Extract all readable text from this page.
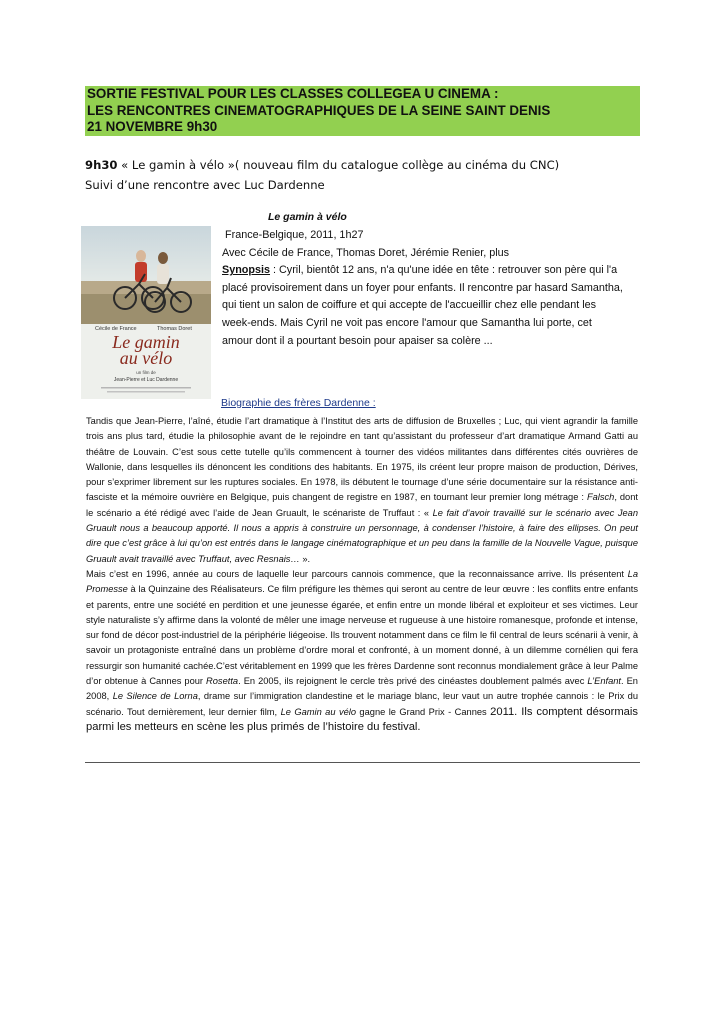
SORTIE FESTIVAL POUR LES CLASSES COLLEGEA U CINEMA :
LES RENCONTRES CINEMATOGRAPHIQUES DE LA SEINE SAINT DENIS
21 NOVEMBRE 9h30
9h30 « Le gamin à vélo »( nouveau film du catalogue collège au cinéma du CNC)
Suivi d’une rencontre avec Luc Dardenne
Cécile de France	Thomas Doret
Le gamin
au vélo
un film de
Jean-Pierre et Luc Dardenne
Le gamin à vélo
France-Belgique, 2011, 1h27
Avec Cécile de France, Thomas Doret, Jérémie Renier, plus
Synopsis : Cyril, bientôt 12 ans, n'a qu'une idée en tête : retrouver son père qui l'a
placé provisoirement dans un foyer pour enfants. Il rencontre par hasard Samantha,
qui tient un salon de coiffure et qui accepte de l'accueillir chez elle pendant les
week-ends. Mais Cyril ne voit pas encore l'amour que Samantha lui porte, cet
amour dont il a pourtant besoin pour apaiser sa colère ...
Biographie des frères Dardenne :

Tandis que Jean-Pierre, l’aîné, étudie l’art dramatique à l’Institut des arts de diffusion de Bruxelles ; Luc, qui vient agrandir la famille trois ans plus tard, étudie la philosophie avant de le rejoindre en tant qu’assistant du professeur d’art dramatique Armand Gatti au théâtre de Louvain. C’est sous cette tutelle qu’ils commencent à tourner des vidéos militantes dans différentes cités ouvrières de Wallonie, dans lesquelles ils dénoncent les conditions des habitants. En 1975, ils créent leur propre maison de production, Dérives, pour s’exprimer librement sur les ruptures sociales. En 1978, ils débutent le tournage d’une série documentaire sur la résistance anti-fasciste et la mémoire ouvrière en Belgique, puis changent de registre en 1987, en tournant leur premier long métrage : Falsch, dont le scénario a été rédigé avec l’aide de Jean Gruault, le scénariste de Truffaut : « Le fait d’avoir travaillé sur le scénario avec Jean Gruault nous a beaucoup apporté. Il nous a appris à construire un personnage, à condenser l’histoire, à faire des ellipses. On peut dire que c’est grâce à lui qu’on est entrés dans le langage cinématographique et un peu dans la famille de la Nouvelle Vague, puisque Gruault avait travaillé avec Truffaut, avec Resnais… ».

Mais c’est en 1996, année au cours de laquelle leur parcours cannois commence, que la reconnaissance arrive. Ils présentent La Promesse à la Quinzaine des Réalisateurs. Ce film préfigure les thèmes qui seront au centre de leur œuvre : les conflits entre enfants et parents, entre une société en perdition et une jeunesse égarée, et enfin entre un monde libéral et exploiteur et ses victimes. Leur style naturaliste s’y affirme dans la volonté de mêler une image nerveuse et rugueuse à une histoire romanesque, profonde et intense, sur fond de décor post-industriel de la périphérie liégeoise. Ils trouvent notamment dans ce film le fil central de leurs scénarii à venir, à savoir un protagoniste entraîné dans un problème d’ordre moral et confronté, à un moment donné, à un dilemme cornélien qui fera ressurgir son humanité cachée.C’est véritablement en 1999 que les frères Dardenne sont reconnus mondialement grâce à leur Palme d’or obtenue à Cannes pour Rosetta. En 2005, ils rejoignent le cercle très privé des cinéastes doublement palmés avec L’Enfant. En 2008, Le Silence de Lorna, drame sur l’immigration clandestine et le mariage blanc, leur vaut un autre trophée cannois : le Prix du scénario. Tout dernièrement, leur dernier film, Le Gamin au vélo gagne le Grand Prix - Cannes 2011. Ils comptent désormais parmi les metteurs en scène les plus primés de l’histoire du festival.
